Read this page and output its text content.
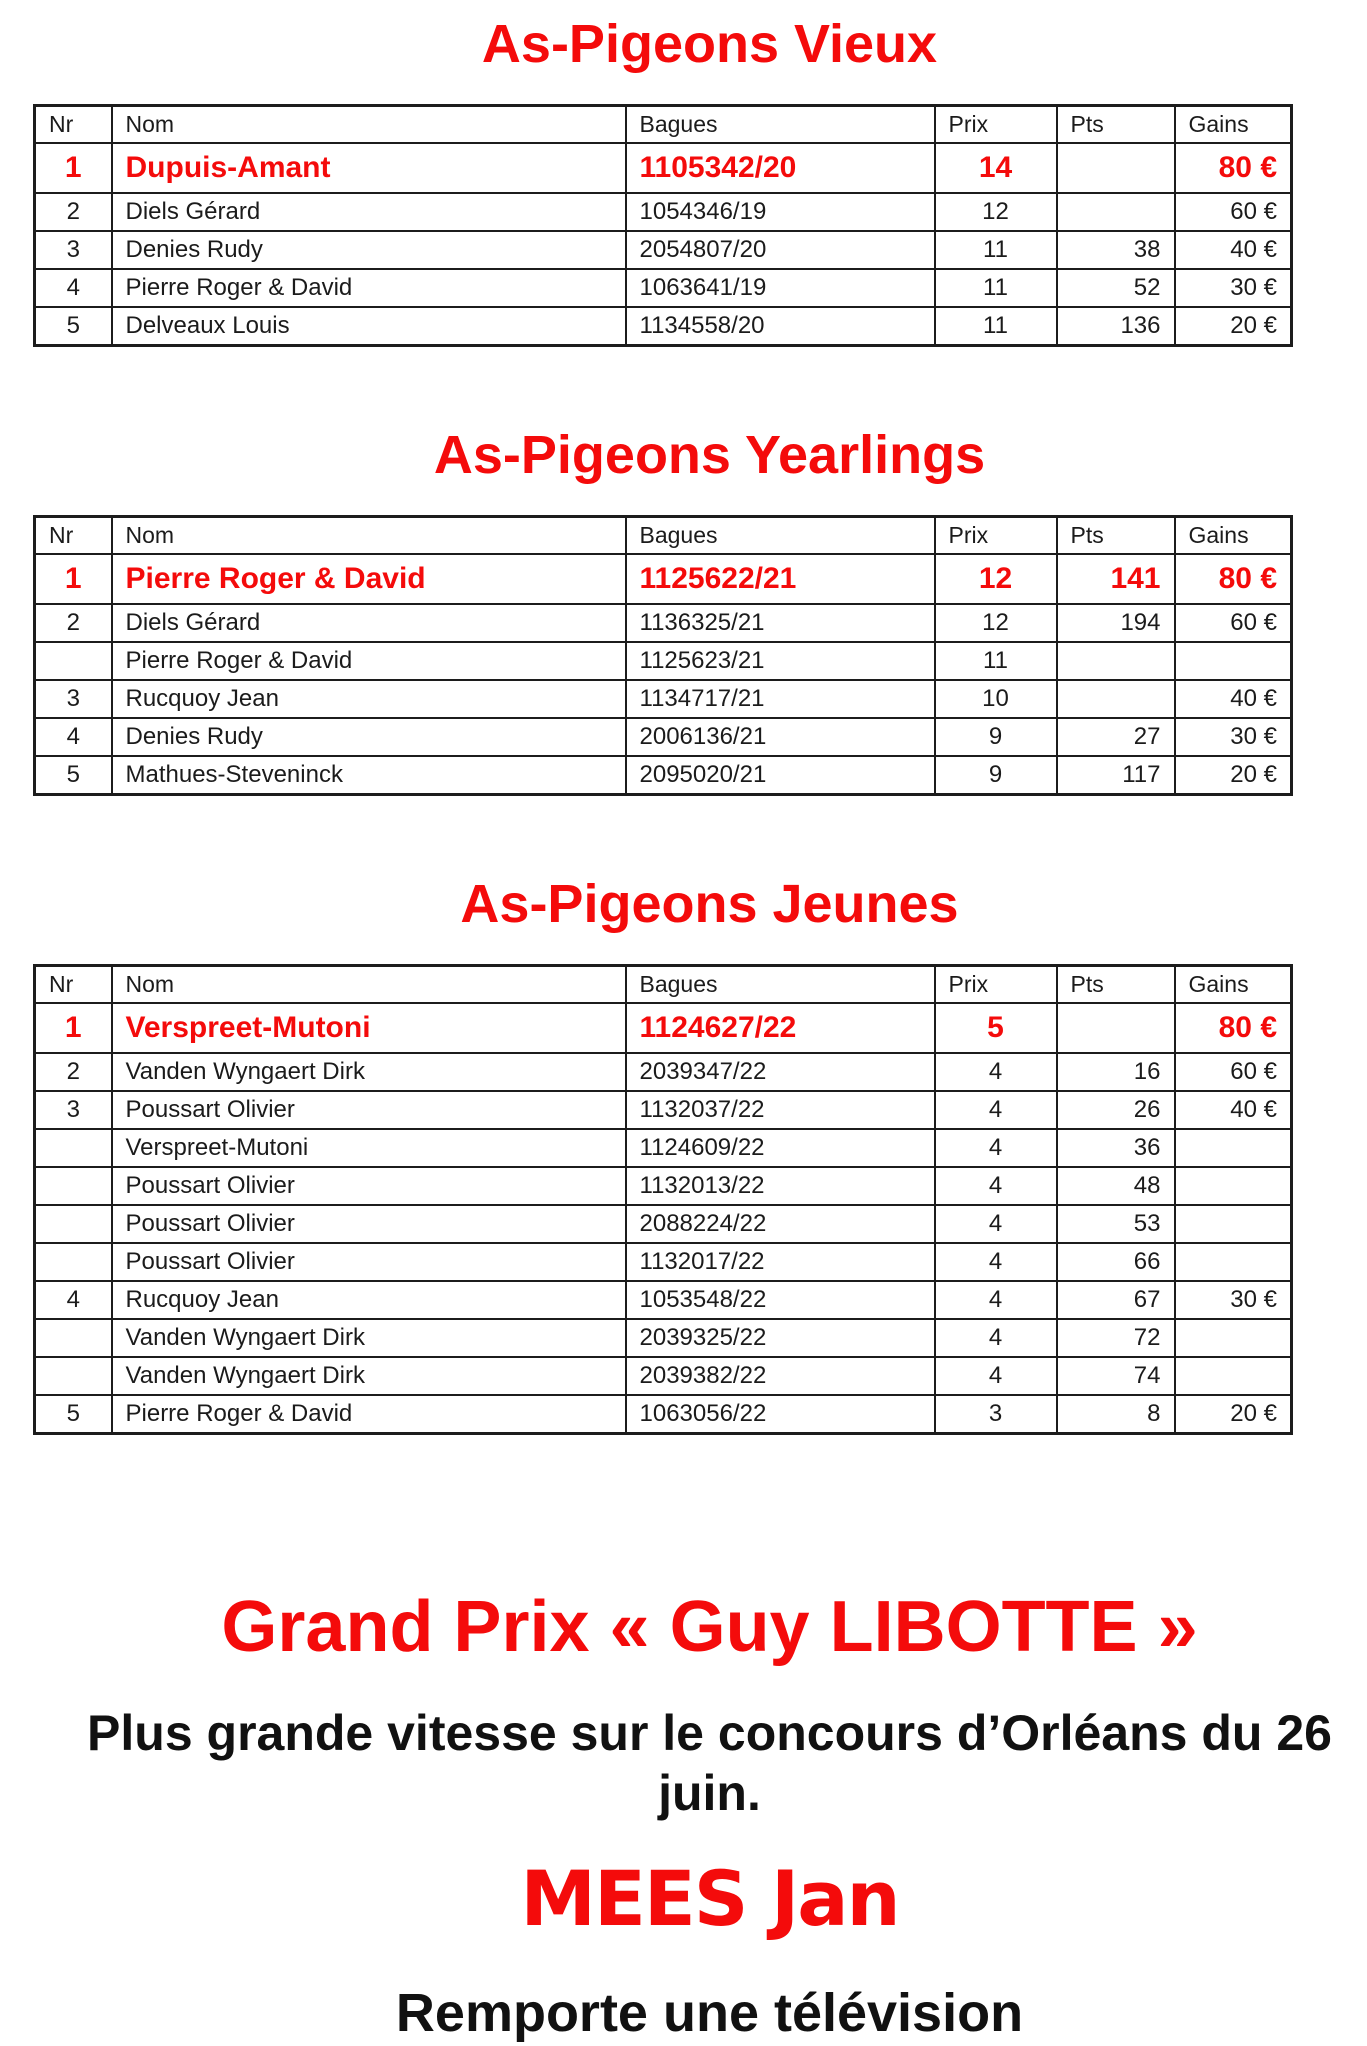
As-Pigeons Vieux
Nr	Nom	Bagues	Prix	Pts	Gains
1	Dupuis-Amant	1105342/20	14		80 €
2	Diels Gérard	1054346/19	12		60 €
3	Denies Rudy	2054807/20	11	38	40 €
4	Pierre Roger & David	1063641/19	11	52	30 €
5	Delveaux Louis	1134558/20	11	136	20 €
As-Pigeons Yearlings
Nr	Nom	Bagues	Prix	Pts	Gains
1	Pierre Roger & David	1125622/21	12	141	80 €
2	Diels Gérard	1136325/21	12	194	60 €
	Pierre Roger & David	1125623/21	11		
3	Rucquoy Jean	1134717/21	10		40 €
4	Denies Rudy	2006136/21	9	27	30 €
5	Mathues-Steveninck	2095020/21	9	117	20 €
As-Pigeons Jeunes
Nr	Nom	Bagues	Prix	Pts	Gains
1	Verspreet-Mutoni	1124627/22	5		80 €
2	Vanden Wyngaert Dirk	2039347/22	4	16	60 €
3	Poussart Olivier	1132037/22	4	26	40 €
	Verspreet-Mutoni	1124609/22	4	36	
	Poussart Olivier	1132013/22	4	48	
	Poussart Olivier	2088224/22	4	53	
	Poussart Olivier	1132017/22	4	66	
4	Rucquoy Jean	1053548/22	4	67	30 €
	Vanden Wyngaert Dirk	2039325/22	4	72	
	Vanden Wyngaert Dirk	2039382/22	4	74	
5	Pierre Roger & David	1063056/22	3	8	20 €
Grand Prix « Guy LIBOTTE »
Plus grande vitesse sur le concours d’Orléans du 26 juin.
MEES Jan
Remporte une télévision
